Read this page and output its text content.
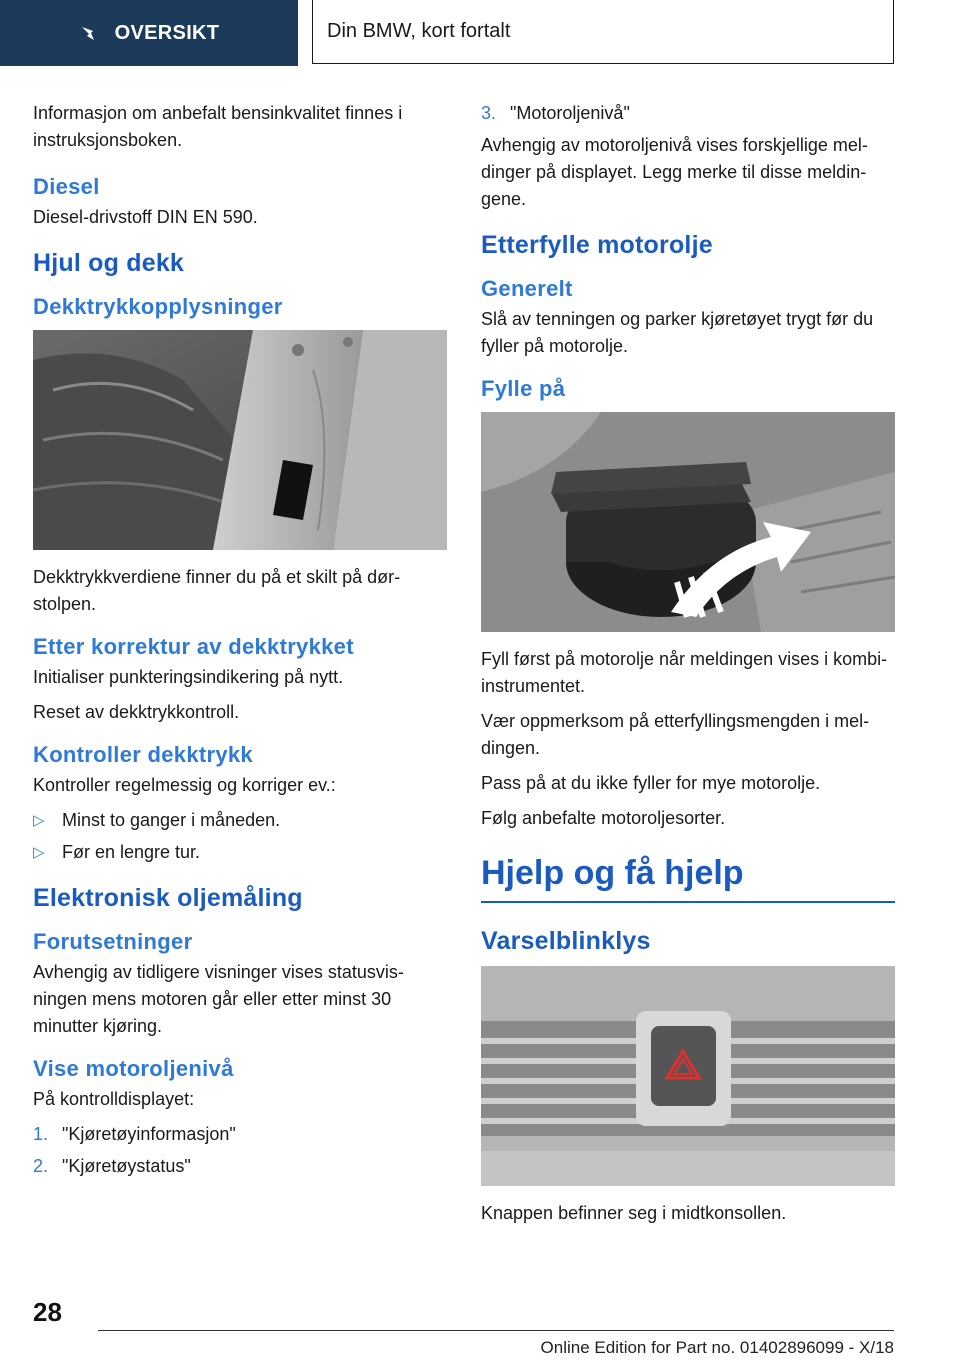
OVERSIKT	Din BMW, kort fortalt

Informasjon om anbefalt bensinkvalitet finnes i instruksjonsboken.

Diesel

Diesel-drivstoff DIN EN 590.

Hjul og dekk
Dekktrykkopplysninger

Dekktrykkverdiene finner du på et skilt på dørstolpen.

Etter korrektur av dekktrykket

Initialiser punkteringsindikering på nytt.

Reset av dekktrykkontroll.

Kontroller dekktrykk

Kontroller regelmessig og korriger ev.:

▷ Minst to ganger i måneden.
▷ Før en lengre tur.
Elektronisk oljemåling
Forutsetninger

Avhengig av tidligere visninger vises statusvisningen mens motoren går eller etter minst 30 minutter kjøring.

Vise motoroljenivå

På kontrolldisplayet:

1. "Kjøretøyinformasjon"
2. "Kjøretøystatus"
3. "Motoroljenivå"

Avhengig av motoroljenivå vises forskjellige meldinger på displayet. Legg merke til disse meldingene.

Etterfylle motorolje
Generelt

Slå av tenningen og parker kjøretøyet trygt før du fyller på motorolje.

Fylle på

Fyll først på motorolje når meldingen vises i kombi-instrumentet.

Vær oppmerksom på etterfyllingsmengden i meldingen.

Pass på at du ikke fyller for mye motorolje.

Følg anbefalte motoroljesorter.

Hjelp og få hjelp
Varselblinklys

Knappen befinner seg i midtkonsollen.

28
Online Edition for Part no. 01402896099 - X/18
